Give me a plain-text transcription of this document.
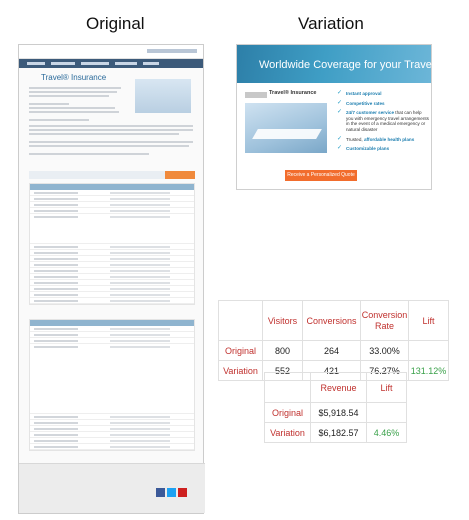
Original	Variation
Travel® Insurance
Worldwide Coverage for your Travel Needs
Travel® Insurance	✓ Instant approval
✓ Competitive rates
✓ 24/7 customer service that can help you with emergency travel arrangements in the event of a medical emergency or natural disaster
✓ Trusted, affordable health plans
✓ Customizable plans
Receive a Personalized Quote
	Visitors	Conversions	Conversion Rate	Lift
Original	800	264	33.00%	
Variation	552	421	76.27%	131.12%
	Revenue	Lift
Original	$5,918.54	
Variation	$6,182.57	4.46%
